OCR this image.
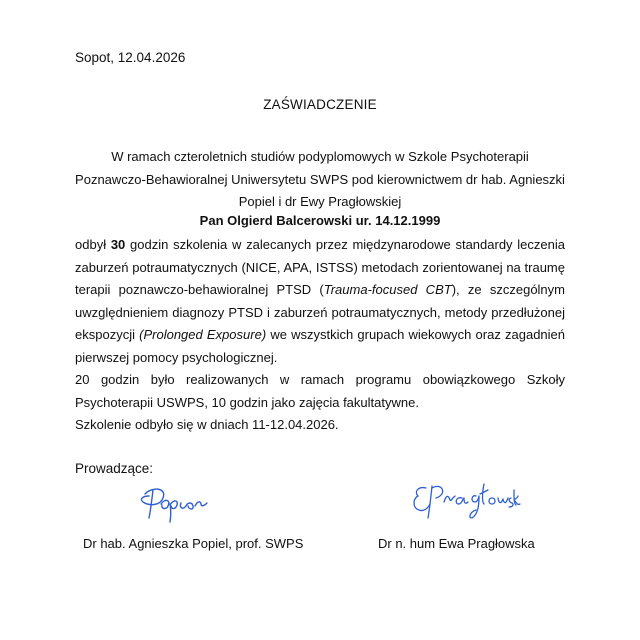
Sopot, 12.04.2026
ZAŚWIADCZENIE
W ramach czteroletnich studiów podyplomowych w Szkole Psychoterapii Poznawczo-Behawioralnej Uniwersytetu SWPS pod kierownictwem dr hab. Agnieszki Popiel i dr Ewy Pragłowskiej
Pan Olgierd Balcerowski ur. 14.12.1999

odbył 30 godzin szkolenia w zalecanych przez międzynarodowe standardy leczenia zaburzeń potraumatycznych (NICE, APA, ISTSS) metodach zorientowanej na traumę terapii poznawczo-behawioralnej PTSD (Trauma-focused CBT), ze szczególnym uwzględnieniem diagnozy PTSD i zaburzeń potraumatycznych, metody przedłużonej ekspozycji (Prolonged Exposure) we wszystkich grupach wiekowych oraz zagadnień pierwszej pomocy psychologicznej.

20 godzin było realizowanych w ramach programu obowiązkowego Szkoły Psychoterapii USWPS, 10 godzin jako zajęcia fakultatywne.

Szkolenie odbyło się w dniach 11-12.04.2026.

Prowadzące:
Dr hab. Agnieszka Popiel, prof. SWPS	Dr n. hum Ewa Pragłowska
